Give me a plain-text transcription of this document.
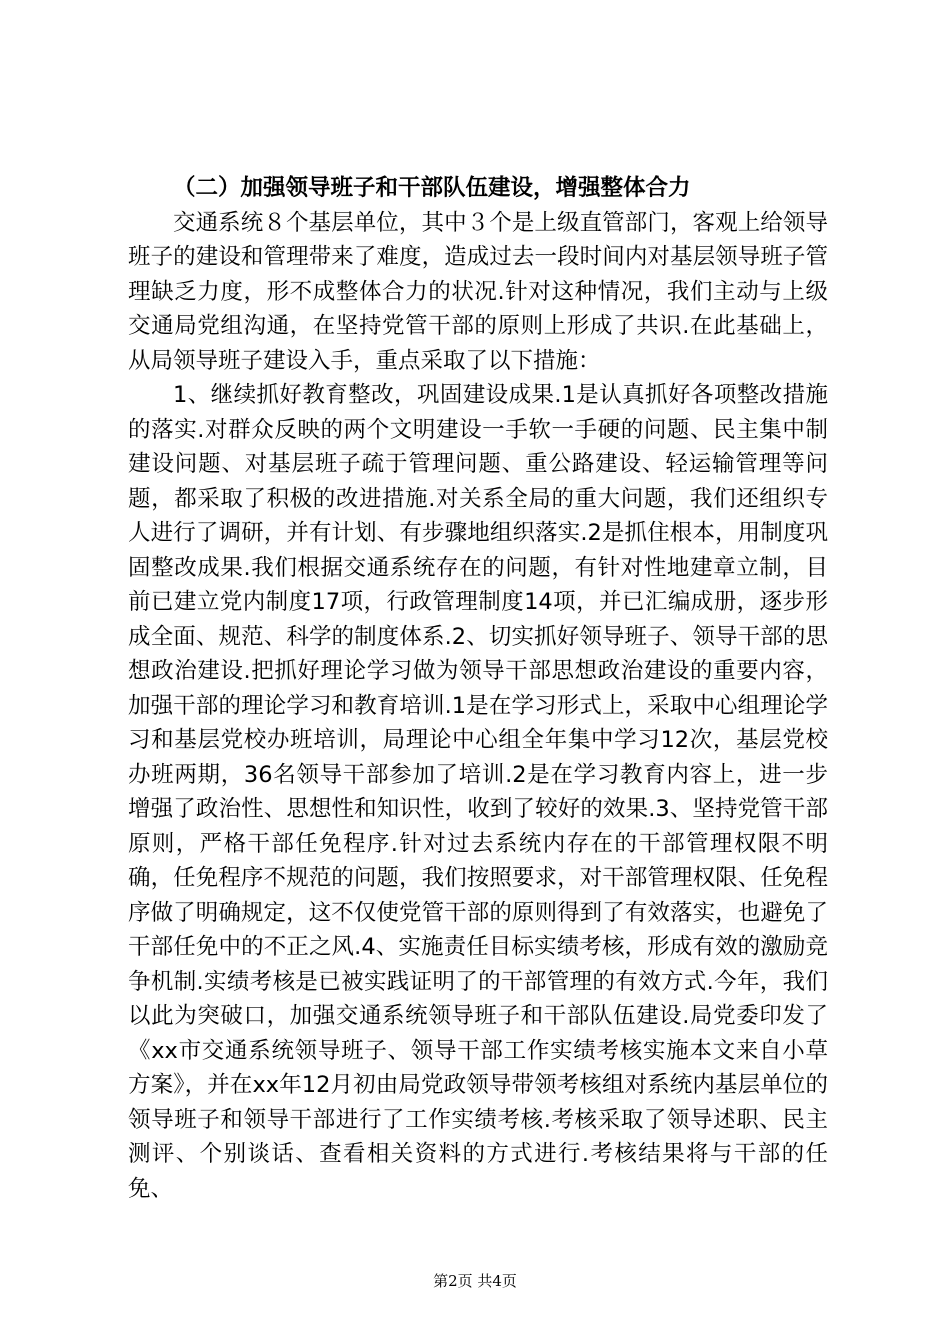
（二）加强领导班子和干部队伍建设，增强整体合力

交通系统８个基层单位，其中３个是上级直管部门，客观上给领导班子的建设和管理带来了难度，造成过去一段时间内对基层领导班子管理缺乏力度，形不成整体合力的状况.针对这种情况，我们主动与上级交通局党组沟通，在坚持党管干部的原则上形成了共识.在此基础上，从局领导班子建设入手，重点采取了以下措施：

1、继续抓好教育整改，巩固建设成果.1是认真抓好各项整改措施的落实.对群众反映的两个文明建设一手软一手硬的问题、民主集中制建设问题、对基层班子疏于管理问题、重公路建设、轻运输管理等问题，都采取了积极的改进措施.对关系全局的重大问题，我们还组织专人进行了调研，并有计划、有步骤地组织落实.2是抓住根本，用制度巩固整改成果.我们根据交通系统存在的问题，有针对性地建章立制，目前已建立党内制度17项，行政管理制度14项，并已汇编成册，逐步形成全面、规范、科学的制度体系.2、切实抓好领导班子、领导干部的思想政治建设.把抓好理论学习做为领导干部思想政治建设的重要内容，加强干部的理论学习和教育培训.1是在学习形式上，采取中心组理论学习和基层党校办班培训，局理论中心组全年集中学习12次，基层党校办班两期，36名领导干部参加了培训.2是在学习教育内容上，进一步增强了政治性、思想性和知识性，收到了较好的效果.3、坚持党管干部原则，严格干部任免程序.针对过去系统内存在的干部管理权限不明确，任免程序不规范的问题，我们按照要求，对干部管理权限、任免程序做了明确规定，这不仅使党管干部的原则得到了有效落实，也避免了干部任免中的不正之风.4、实施责任目标实绩考核，形成有效的激励竞争机制.实绩考核是已被实践证明了的干部管理的有效方式.今年，我们以此为突破口，加强交通系统领导班子和干部队伍建设.局党委印发了《xx市交通系统领导班子、领导干部工作实绩考核实施本文来自小草方案》，并在xx年12月初由局党政领导带领考核组对系统内基层单位的领导班子和领导干部进行了工作实绩考核.考核采取了领导述职、民主测评、个别谈话、查看相关资料的方式进行.考核结果将与干部的任免、

第2页 共4页
